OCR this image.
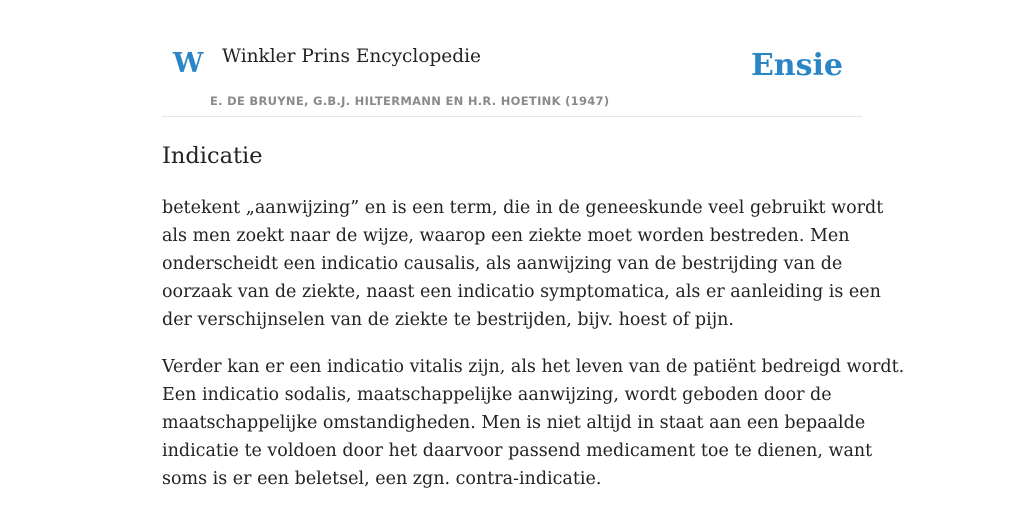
W Winkler Prins Encyclopedie
E. DE BRUYNE, G.B.J. HILTERMANN EN H.R. HOETINK (1947)
Ensie
Indicatie

betekent „aanwijzing” en is een term, die in de geneeskunde veel gebruikt wordt
als men zoekt naar de wijze, waarop een ziekte moet worden bestreden. Men
onderscheidt een indicatio causalis, als aanwijzing van de bestrijding van de
oorzaak van de ziekte, naast een indicatio symptomatica, als er aanleiding is een
der verschijnselen van de ziekte te bestrijden, bijv. hoest of pijn.

Verder kan er een indicatio vitalis zijn, als het leven van de patiënt bedreigd wordt.
Een indicatio sodalis, maatschappelijke aanwijzing, wordt geboden door de
maatschappelijke omstandigheden. Men is niet altijd in staat aan een bepaalde
indicatie te voldoen door het daarvoor passend medicament toe te dienen, want
soms is er een beletsel, een zgn. contra-indicatie.
